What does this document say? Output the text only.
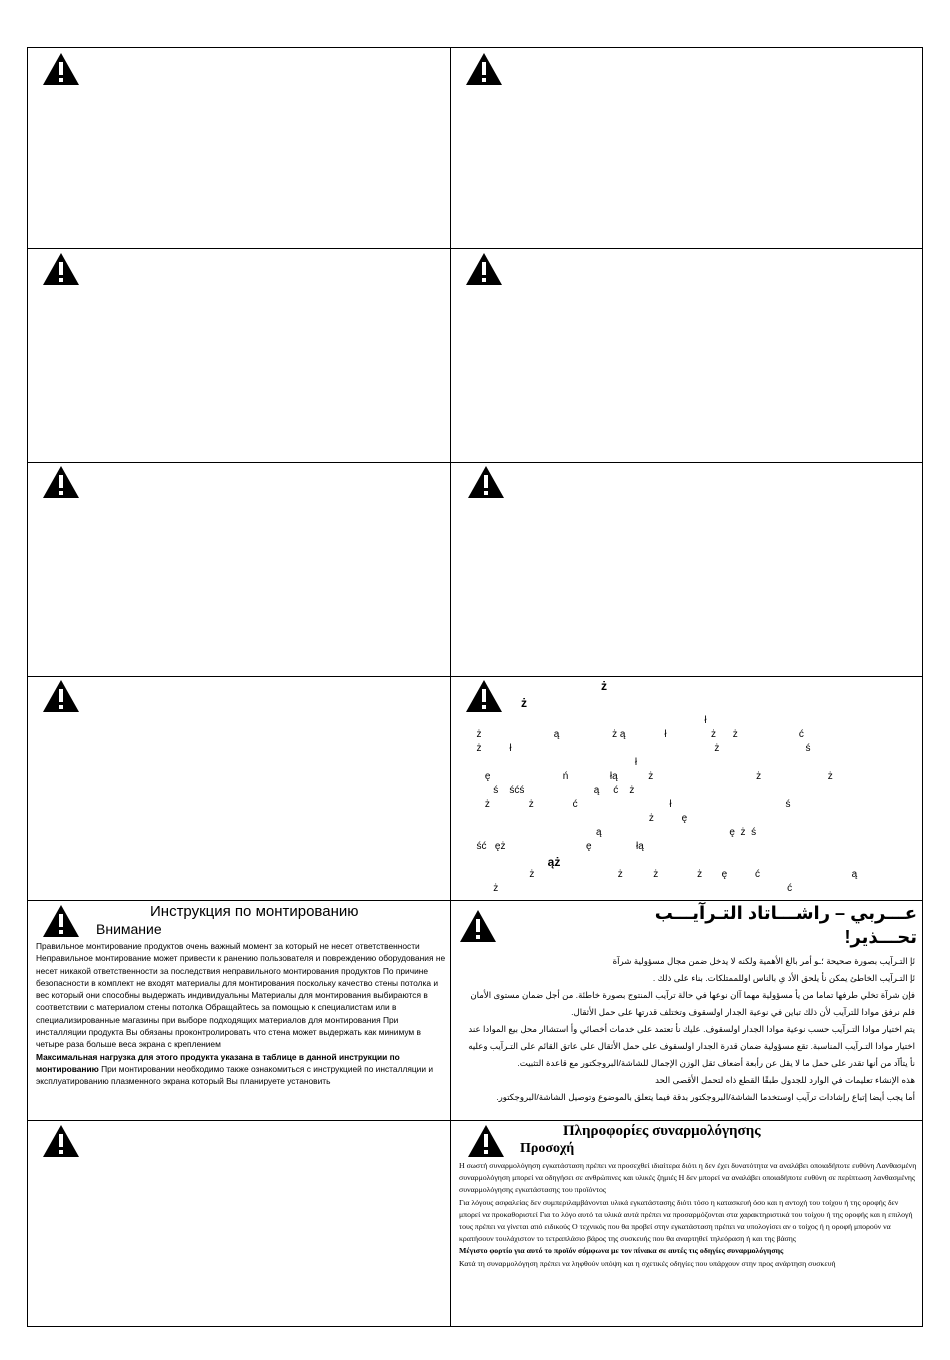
ż
ż
ł
ż                          ą                   ż ą              ł                ż      ż                      ć
ż          ł                                                                         ż                               ś
ł
ę                          ń               łą           ż                                     ż                        ż
ś    śćś                         ą     ć    ż
ż              ż              ć                                 ł                                         ś
ż          ę
ą                                              ę  ż  ś
ść   ęż                             ę                łą
ąż
ż                              ż           ż              ż       ę          ć                                 ą
ż                                                                                                        ć
Инструкция по монтированию
Внимание

Правильное монтирование продуктов очень важный момент за который не несет ответственности Неправильное монтирование может привести к ранению пользователя и повреждению оборудования не несет никакой ответственности за последствия неправильного монтирования продуктов По причине безопасности в комплект не входят материалы для монтирования поскольку качество стены потолка и вес который они способны выдержать индивидуальны Материалы для монтирования выбираются в соответствии с материалом стены потолка Обращайтесь за помощью к специалистам или в специализированные магазины при выборе подходящих материалов для монтирования При инсталляции продукта Вы обязаны проконтролировать что стена может выдержать как минимум в четыре раза больше веса экрана с креплением

Максимальная нагрузка для этого продукта указана в таблице в данной инструкции по монтированию При монтировании необходимо также ознакомиться с инструкцией по инсталляции и эксплуатированию плазменного экрана который Вы планируете установить

عـــربي – راشـــاتاد التـرآيـــب
تحـــذير!

ئإ التـرآيب بصورة صحيحة ؛ـو أمر بالغ الأهمية ولكنه لا يدخل ضمن مجال مسؤولية شرآة

ئإ التـرآيب الخاطئ يمكن نأ يلحق الأذ ىِ بالناس اوللممتلكات. بناء على ذلك .

فإن شرآة تخلي طرفها تماما من يأ مسؤولية مهما آان نوعها في حالة ترآيب المنتوج بصورة خاطئة. من أجل ضمان مستوى الأمان فلم نرفق موادا للترآيب لأن ذلك تباين في نوعية الجدار اولسقوف وتختلف قدرتها على حمل الأثقال.

يتم اختيار موادا التـرآيب حسب نوعية موادا الجدار اولسقوف. عليك نأ تعتمد على خدمات أخصائي وأ استشاار محل بيع الموادا عند اختيار موادا التـرآيب المناسبة. تقع مسؤولية ضمان قدرة الجدار اولسقوف على حمل الأثقال على عاتق القائم على التـرآيب وعليه نأ يتأآد من أنها تقدر على حمل ما لا يقل عن رأبعة أضعاف ثقل الوزن الإجمال للشاشة/البروجكتور مع قاعدة التثبيت.

هذه الإنشاء تعليمات في الوارد للجدول طبقًا القطع ذاه لتحمل الأقصى الحد

أما يجب أيضا إتباع رإشادات ترآيب اوستخدما الشاشة/البروجكتور بدقة فيما يتعلق بالموضوع وتوصيل الشاشة/البروجكتور.

Πληροφορίες συναρμολόγησης
Προσοχή

Η σωστή συναρμολόγηση εγκατάσταση πρέπει να προσεχθεί ιδιαίτερα διότι η δεν έχει δυνατότητα να αναλάβει οποιαδήποτε ευθύνη Λανθασμένη συναρμολόγηση μπορεί να οδηγήσει σε ανθρώπινες και υλικές ζημιές Η δεν μπορεί να αναλάβει οποιαδήποτε ευθύνη σε περίπτωση λανθασμένης συναρμολόγησης εγκατάστασης του προϊόντος

Για λόγους ασφαλείας δεν συμπεριλαμβάνονται υλικά εγκατάστασης διότι τόσο η κατασκευή όσο και η αντοχή του τοίχου ή της οροφής δεν μπορεί να προκαθοριστεί Για το λόγο αυτό τα υλικά αυτά πρέπει να προσαρμόζονται στα χαρακτηριστικά του τοίχου ή της οροφής και η επιλογή τους πρέπει να γίνεται από ειδικούς Ο τεχνικός που θα προβεί στην εγκατάσταση πρέπει να υπολογίσει αν ο τοίχος ή η οροφή μπορούν να κρατήσουν τουλάχιστον το τετραπλάσιο βάρος της συσκευής που θα αναρτηθεί τηλεόραση ή και της βάσης

Μέγιστο φορτίο για αυτό το προϊόν σύμφωνα με τον πίνακα σε αυτές τις οδηγίες συναρμολόγησης

Κατά τη συναρμολόγηση πρέπει να ληφθούν υπόψη και η σχετικές οδηγίες που υπάρχουν στην προς ανάρτηση συσκευή
